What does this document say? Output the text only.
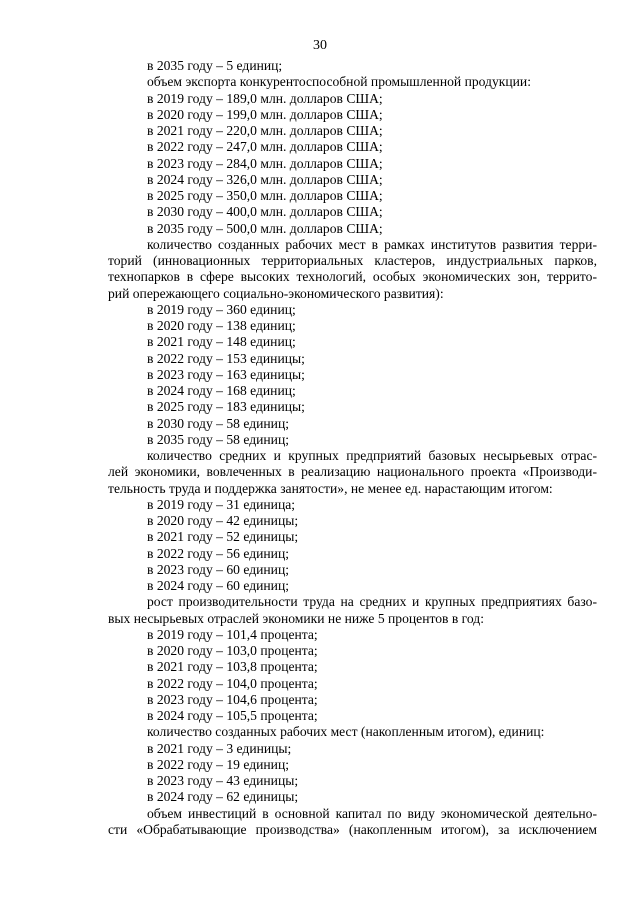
30
в 2035 году – 5 единиц;
объем экспорта конкурентоспособной промышленной продукции:
в 2019 году – 189,0 млн. долларов США;
в 2020 году – 199,0 млн. долларов США;
в 2021 году – 220,0 млн. долларов США;
в 2022 году – 247,0 млн. долларов США;
в 2023 году – 284,0 млн. долларов США;
в 2024 году – 326,0 млн. долларов США;
в 2025 году – 350,0 млн. долларов США;
в 2030 году – 400,0 млн. долларов США;
в 2035 году – 500,0 млн. долларов США;
количество созданных рабочих мест в рамках институтов развития терри-
торий (инновационных территориальных кластеров, индустриальных парков,
технопарков в сфере высоких технологий, особых экономических зон, террито-
рий опережающего социально-экономического развития):
в 2019 году – 360 единиц;
в 2020 году – 138 единиц;
в 2021 году – 148 единиц;
в 2022 году – 153 единицы;
в 2023 году – 163 единицы;
в 2024 году – 168 единиц;
в 2025 году – 183 единицы;
в 2030 году – 58 единиц;
в 2035 году – 58 единиц;
количество средних и крупных предприятий базовых несырьевых отрас-
лей экономики, вовлеченных в реализацию национального проекта «Производи-
тельность труда и поддержка занятости», не менее ед. нарастающим итогом:
в 2019 году – 31 единица;
в 2020 году – 42 единицы;
в 2021 году – 52 единицы;
в 2022 году – 56 единиц;
в 2023 году – 60 единиц;
в 2024 году – 60 единиц;
рост производительности труда на средних и крупных предприятиях базо-
вых несырьевых отраслей экономики не ниже 5 процентов в год:
в 2019 году – 101,4 процента;
в 2020 году – 103,0 процента;
в 2021 году – 103,8 процента;
в 2022 году – 104,0 процента;
в 2023 году – 104,6 процента;
в 2024 году – 105,5 процента;
количество созданных рабочих мест (накопленным итогом), единиц:
в 2021 году – 3 единицы;
в 2022 году – 19 единиц;
в 2023 году – 43 единицы;
в 2024 году – 62 единицы;
объем инвестиций в основной капитал по виду экономической деятельно-
сти «Обрабатывающие производства» (накопленным итогом), за исключением
